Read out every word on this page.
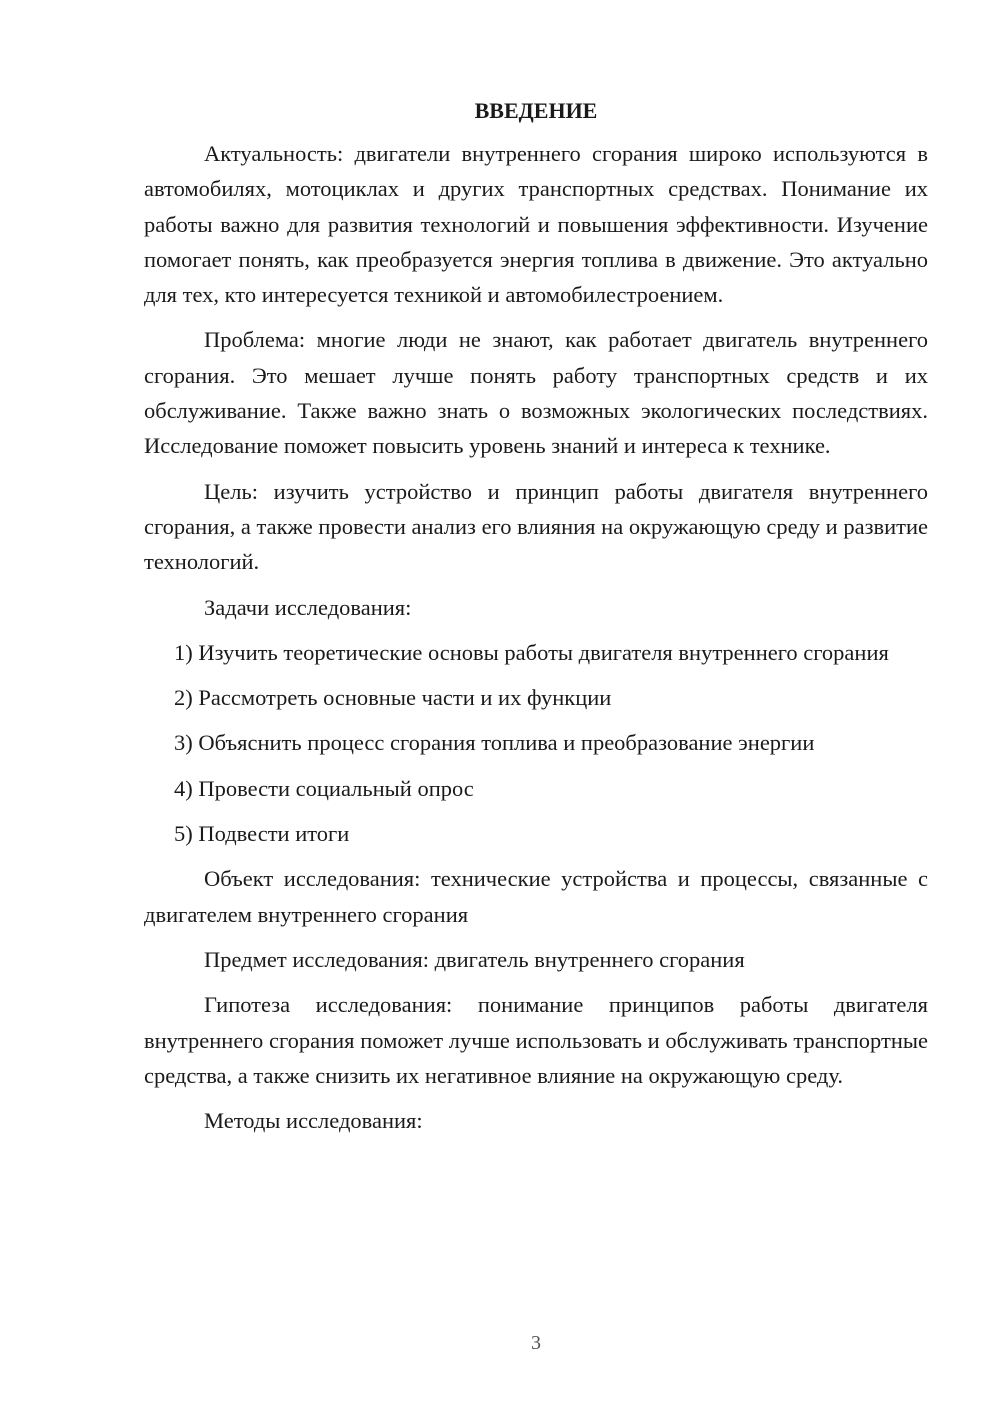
ВВЕДЕНИЕ

Актуальность: двигатели внутреннего сгорания широко используются в автомобилях, мотоциклах и других транспортных средствах. Понимание их работы важно для развития технологий и повышения эффективности. Изучение помогает понять, как преобразуется энергия топлива в движение. Это актуально для тех, кто интересуется техникой и автомобилестроением.

Проблема: многие люди не знают, как работает двигатель внутреннего сгорания. Это мешает лучше понять работу транспортных средств и их обслуживание. Также важно знать о возможных экологических последствиях. Исследование поможет повысить уровень знаний и интереса к технике.

Цель: изучить устройство и принцип работы двигателя внутреннего сгорания, а также провести анализ его влияния на окружающую среду и развитие технологий.

Задачи исследования:

1) Изучить теоретические основы работы двигателя внутреннего сгорания

2) Рассмотреть основные части и их функции

3) Объяснить процесс сгорания топлива и преобразование энергии

4) Провести социальный опрос

5) Подвести итоги

Объект исследования: технические устройства и процессы, связанные с двигателем внутреннего сгорания

Предмет исследования: двигатель внутреннего сгорания

Гипотеза исследования: понимание принципов работы двигателя внутреннего сгорания поможет лучше использовать и обслуживать транспортные средства, а также снизить их негативное влияние на окружающую среду.

Методы исследования:

3
